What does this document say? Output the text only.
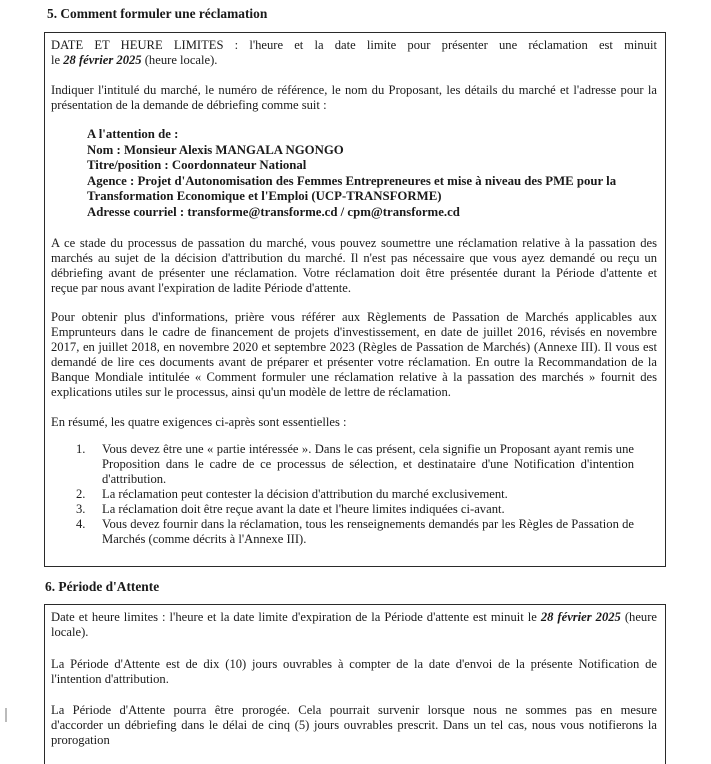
5. Comment formuler une réclamation

DATE ET HEURE LIMITES : l'heure et la date limite pour présenter une réclamation est minuit
le 28 février 2025 (heure locale).

Indiquer l'intitulé du marché, le numéro de référence, le nom du Proposant, les détails du marché et l'adresse pour la
présentation de la demande de débriefing comme suit :

A l'attention de :
Nom : Monsieur Alexis MANGALA NGONGO
Titre/position : Coordonnateur National
Agence : Projet d'Autonomisation des Femmes Entrepreneures et mise à niveau des PME pour la
Transformation Economique et l'Emploi (UCP-TRANSFORME)
Adresse courriel : transforme@transforme.cd / cpm@transforme.cd

A ce stade du processus de passation du marché, vous pouvez soumettre une réclamation relative à la passation des
marchés au sujet de la décision d'attribution du marché. Il n'est pas nécessaire que vous ayez demandé ou reçu un
débriefing avant de présenter une réclamation. Votre réclamation doit être présentée durant la Période d'attente et
reçue par nous avant l'expiration de ladite Période d'attente.

Pour obtenir plus d'informations, prière vous référer aux Règlements de Passation de Marchés applicables aux
Emprunteurs dans le cadre de financement de projets d'investissement, en date de juillet 2016, révisés en novembre
2017, en juillet 2018, en novembre 2020 et septembre 2023 (Règles de Passation de Marchés) (Annexe III). Il vous est
demandé de lire ces documents avant de préparer et présenter votre réclamation. En outre la Recommandation de la
Banque Mondiale intitulée « Comment formuler une réclamation relative à la passation des marchés » fournit des
explications utiles sur le processus, ainsi qu'un modèle de lettre de réclamation.

En résumé, les quatre exigences ci-après sont essentielles :

1. Vous devez être une « partie intéressée ». Dans le cas présent, cela signifie un Proposant ayant remis une
Proposition dans le cadre de ce processus de sélection, et destinataire d'une Notification d'intention
d'attribution.

2. La réclamation peut contester la décision d'attribution du marché exclusivement.

3. La réclamation doit être reçue avant la date et l'heure limites indiquées ci-avant.

4. Vous devez fournir dans la réclamation, tous les renseignements demandés par les Règles de Passation de
Marchés (comme décrits à l'Annexe III).

6. Période d'Attente

Date et heure limites : l'heure et la date limite d'expiration de la Période d'attente est minuit le 28 février 2025 (heure
locale).

La Période d'Attente est de dix (10) jours ouvrables à compter de la date d'envoi de la présente Notification de
l'intention d'attribution.

La Période d'Attente pourra être prorogée. Cela pourrait survenir lorsque nous ne sommes pas en mesure
d'accorder un débriefing dans le délai de cinq (5) jours ouvrables prescrit. Dans un tel cas, nous vous notifierons la
prorogation
